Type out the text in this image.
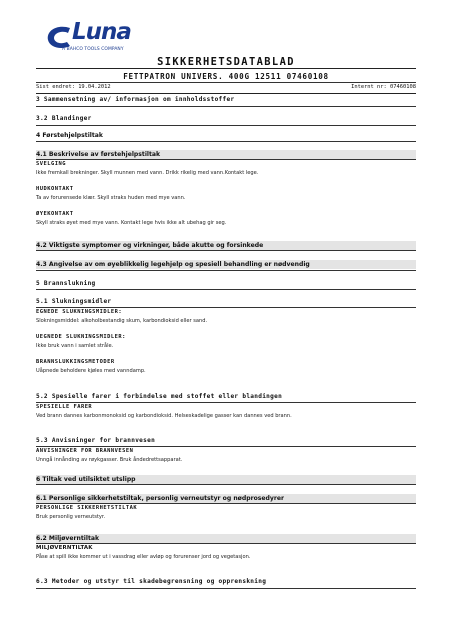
Luna
A BAHCO TOOLS COMPANY
SIKKERHETSDATABLAD
FETTPATRON UNIVERS. 400G 12511 07460108
Sist endret: 19.04.2012	Internt nr: 07460108
3 Sammensetning av/ informasjon om innholdsstoffer
3.2 Blandinger
4 Førstehjelpstiltak
4.1 Beskrivelse av førstehjelpstiltak
SVELGING
Ikke fremkall brekninger. Skyll munnen med vann. Drikk rikelig med vann.Kontakt lege.
HUDKONTAKT
Ta av forurensede klær. Skyll straks huden med mye vann.
ØYEKONTAKT
Skyll straks øyet med mye vann. Kontakt lege hvis ikke alt ubehag gir seg.
4.2 Viktigste symptomer og virkninger, både akutte og forsinkede
4.3 Angivelse av om øyeblikkelig legehjelp og spesiell behandling er nødvendig
5 Brannslukning
5.1 Slukningsmidler
EGNEDE SLUKNINGSMIDLER:
Slokningsmiddel: alkoholbestandig skum, karbondioksid eller sand.
UEGNEDE SLUKNINGSMIDLER:
Ikke bruk vann i samlet stråle.
BRANNSLUKKINGSMETODER
Uåpnede beholdere kjøles med vanndamp.
5.2 Spesielle farer i forbindelse med stoffet eller blandingen
SPESIELLE FARER
Ved brann dannes karbonmonoksid og karbondioksid. Helseskadelige gasser kan dannes ved brann.
5.3 Anvisninger for brannvesen
ANVISNINGER FOR BRANNVESEN
Unngå innånding av røykgasser. Bruk åndedrettsapparat.
6 Tiltak ved utilsiktet utslipp
6.1 Personlige sikkerhetstiltak, personlig verneutstyr og nødprosedyrer
PERSONLIGE SIKKERHETSTILTAK
Bruk personlig verneutstyr.
6.2 Miljøverntiltak
MILJØVERNTILTAK
Påse at spill ikke kommer ut i vassdrag eller avløp og forurenser jord og vegetasjon.
6.3 Metoder og utstyr til skadebegrensning og opprenskning
